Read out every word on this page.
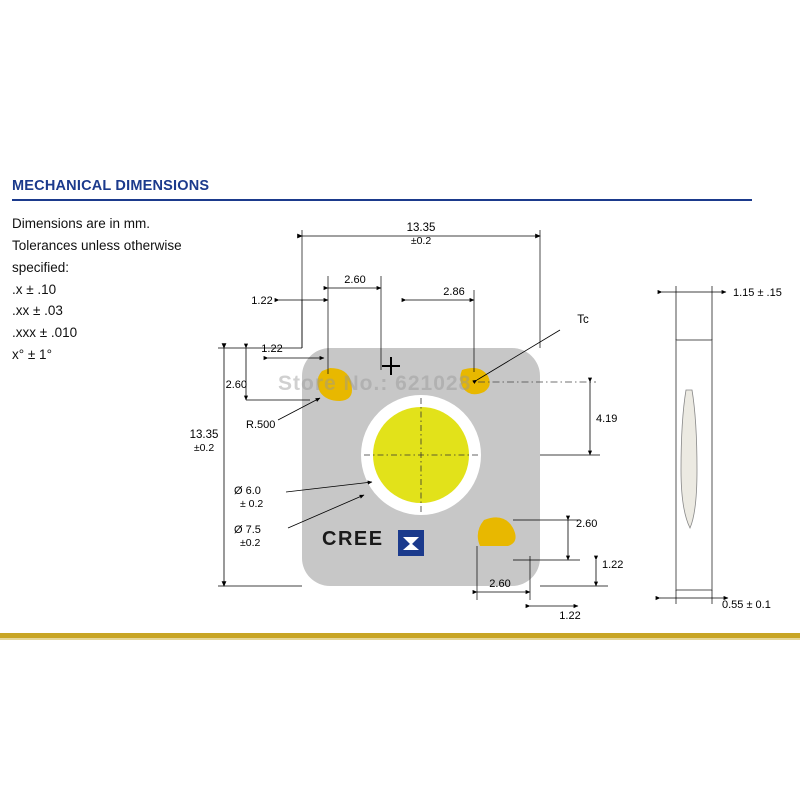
MECHANICAL DIMENSIONS
Dimensions are in mm.
Tolerances unless otherwise
specified:
.x ± .10
.xx ± .03
.xxx ± .010
x° ± 1°
13.35
±0.2
2.60
2.86
1.22
13.35
±0.2
1.22
2.60
R.500
Tc
4.19
2.60
1.22
2.60
1.22
Ø 6.0
± 0.2
Ø 7.5
±0.2
1.15 ± .15
0.55 ± 0.1
Store No.: 621028
CREE
